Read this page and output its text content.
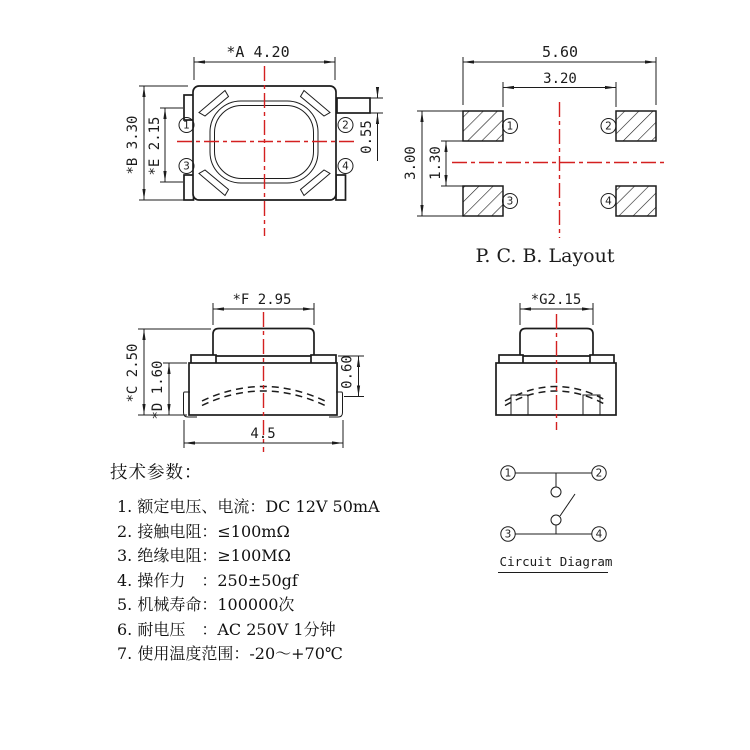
1	2
3	4
*A 4.20
*B 3.30 *E 2.15	0.55	1	2
3	4
5.60
3.20
3.00 1.30
P. C. B. Layout
*F 2.95
*C 2.50 *D 1.60	0.60
4.5
*G2.15
1	2
3	4
Circuit Diagram
技术参数：
1. 额定电压、电流：DC 12V 50mA
2. 接触电阻：≤100mΩ
3. 绝缘电阻：≥100MΩ
4. 操作力　：250±50gf
5. 机械寿命：100000次
6. 耐电压　：AC 250V 1分钟
7. 使用温度范围：-20～+70℃
